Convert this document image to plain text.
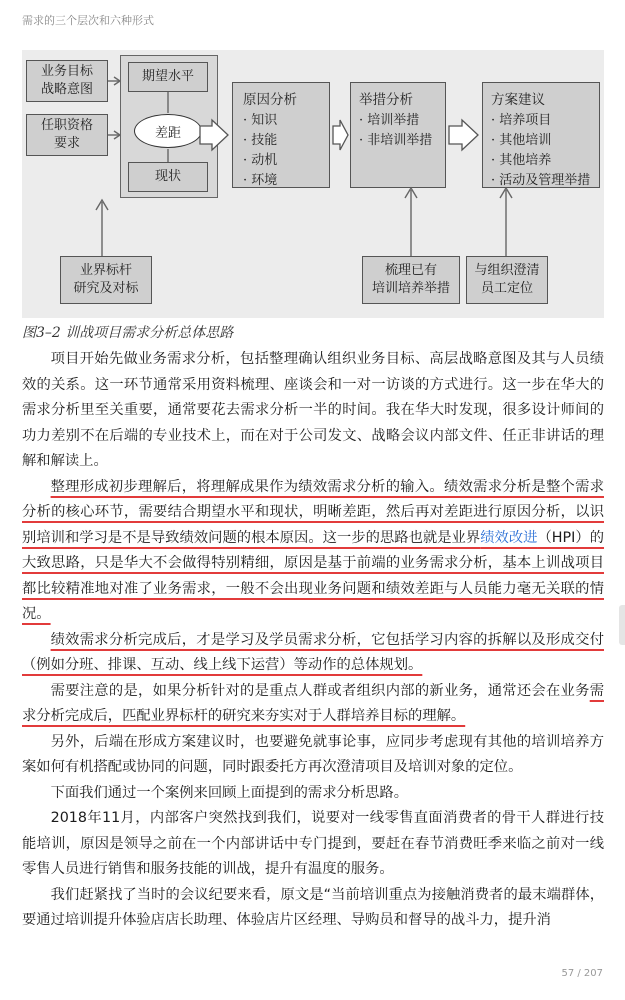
需求的三个层次和六种形式
业务目标
战略意图
任职资格
要求
期望水平
差距
现状
原因分析
· 知识
· 技能
· 动机
· 环境
举措分析
· 培训举措
· 非培训举措
方案建议
· 培养项目
· 其他培训
· 其他培养
· 活动及管理举措
业界标杆
研究及对标
梳理已有
培训培养举措
与组织澄清
员工定位
图3–2 训战项目需求分析总体思路

项目开始先做业务需求分析，包括整理确认组织业务目标、高层战略意图及其与人员绩效的关系。这一环节通常采用资料梳理、座谈会和一对一访谈的方式进行。这一步在华大的需求分析里至关重要，通常要花去需求分析一半的时间。我在华大时发现，很多设计师间的功力差别不在后端的专业技术上，而在对于公司发文、战略会议内部文件、任正非讲话的理解和解读上。

整理形成初步理解后，将理解成果作为绩效需求分析的输入。绩效需求分析是整个需求分析的核心环节，需要结合期望水平和现状，明晰差距，然后再对差距进行原因分析，以识别培训和学习是不是导致绩效问题的根本原因。这一步的思路也就是业界绩效改进（HPI）的大致思路，只是华大不会做得特别精细，原因是基于前端的业务需求分析，基本上训战项目都比较精准地对准了业务需求，一般不会出现业务问题和绩效差距与人员能力毫无关联的情况。

绩效需求分析完成后，才是学习及学员需求分析，它包括学习内容的拆解以及形成交付（例如分班、排课、互动、线上线下运营）等动作的总体规划。

需要注意的是，如果分析针对的是重点人群或者组织内部的新业务，通常还会在业务需求分析完成后，匹配业界标杆的研究来夯实对于人群培养目标的理解。

另外，后端在形成方案建议时，也要避免就事论事，应同步考虑现有其他的培训培养方案如何有机搭配或协同的问题，同时跟委托方再次澄清项目及培训对象的定位。

下面我们通过一个案例来回顾上面提到的需求分析思路。

2018年11月，内部客户突然找到我们，说要对一线零售直面消费者的骨干人群进行技能培训，原因是领导之前在一个内部讲话中专门提到，要赶在春节消费旺季来临之前对一线零售人员进行销售和服务技能的训战，提升有温度的服务。

我们赶紧找了当时的会议纪要来看，原文是“当前培训重点为接触消费者的最末端群体，要通过培训提升体验店店长助理、体验店片区经理、导购员和督导的战斗力，提升消

57 / 207
